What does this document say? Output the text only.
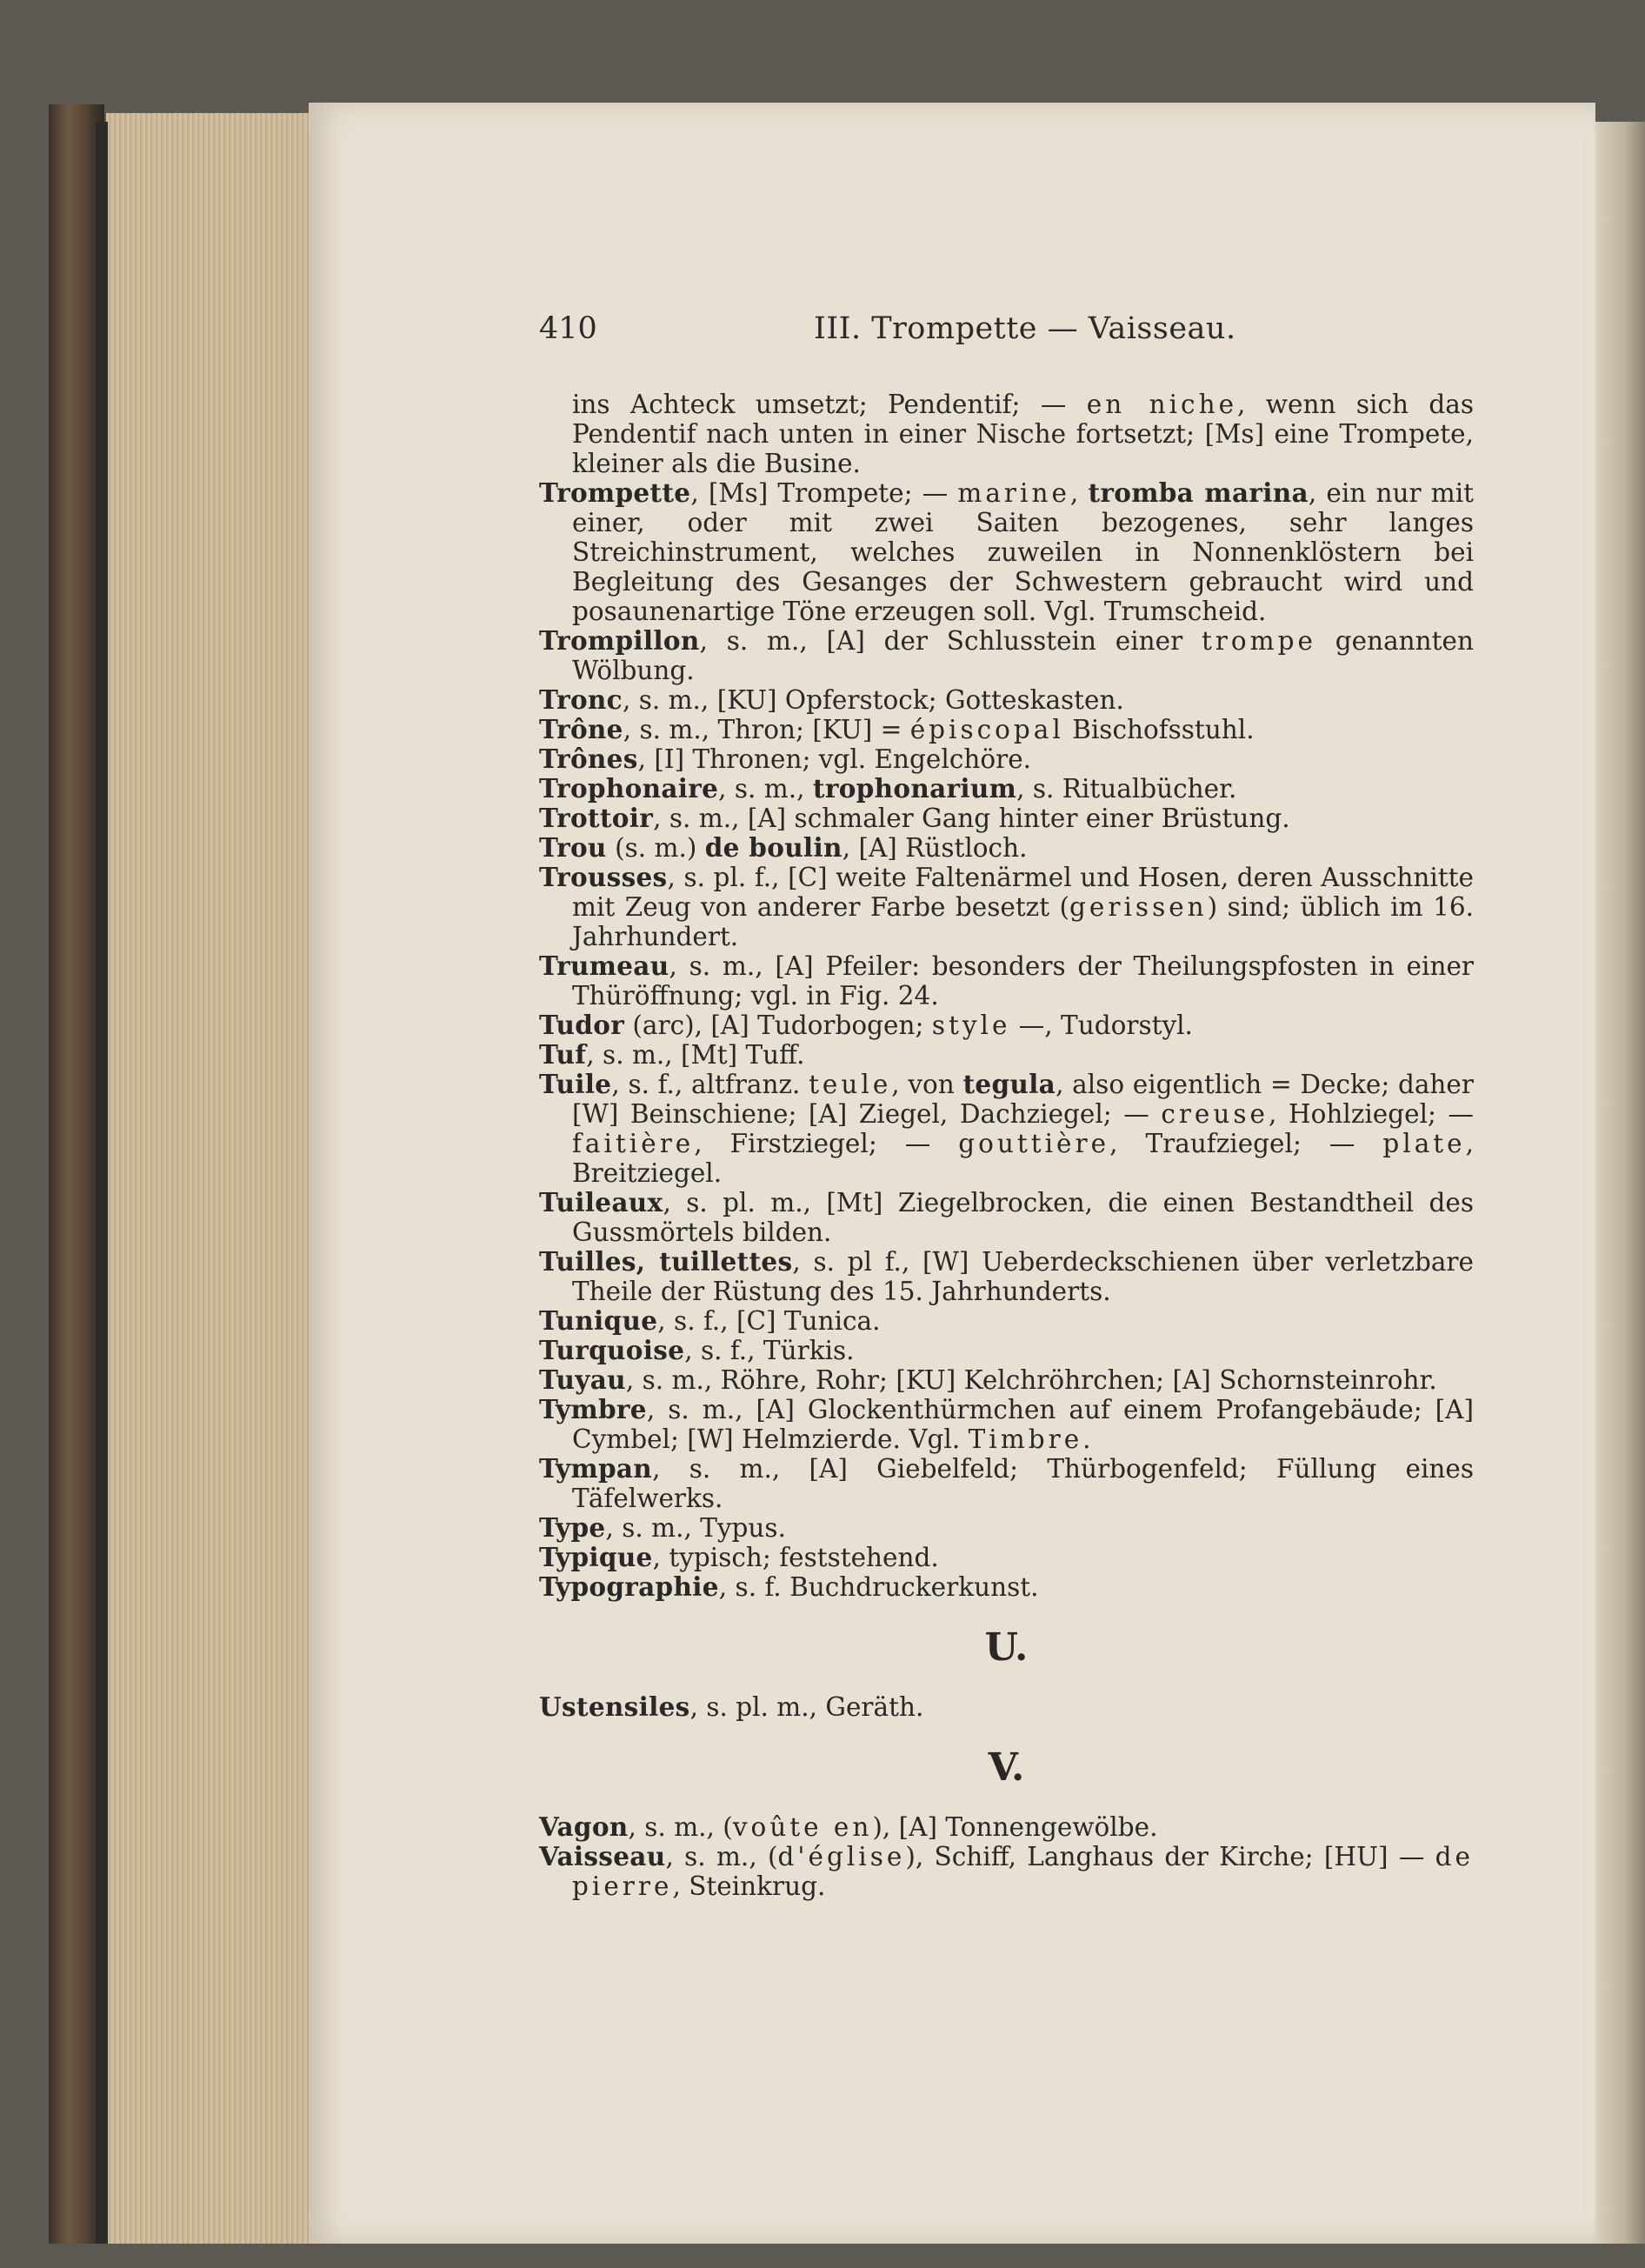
410	III. Trompette — Vaisseau.

ins Achteck umsetzt; Pendentif; — en niche, wenn sich das Pendentif nach unten in einer Nische fortsetzt; [Ms] eine Trompete, kleiner als die Busine.

Trompette, [Ms] Trompete; — marine, tromba marina, ein nur mit einer, oder mit zwei Saiten bezogenes, sehr langes Streichinstrument, welches zuweilen in Nonnenklöstern bei Begleitung des Gesanges der Schwestern gebraucht wird und posaunenartige Töne erzeugen soll. Vgl. Trumscheid.

Trompillon, s. m., [A] der Schlusstein einer trompe genannten Wölbung.

Tronc, s. m., [KU] Opferstock; Gotteskasten.

Trône, s. m., Thron; [KU] = épiscopal Bischofsstuhl.

Trônes, [I] Thronen; vgl. Engelchöre.

Trophonaire, s. m., trophonarium, s. Ritualbücher.

Trottoir, s. m., [A] schmaler Gang hinter einer Brüstung.

Trou (s. m.) de boulin, [A] Rüstloch.

Trousses, s. pl. f., [C] weite Faltenärmel und Hosen, deren Ausschnitte mit Zeug von anderer Farbe besetzt (gerissen) sind; üblich im 16. Jahrhundert.

Trumeau, s. m., [A] Pfeiler: besonders der Theilungspfosten in einer Thüröffnung; vgl. in Fig. 24.

Tudor (arc), [A] Tudorbogen; style —, Tudorstyl.

Tuf, s. m., [Mt] Tuff.

Tuile, s. f., altfranz. teule, von tegula, also eigentlich = Decke; daher [W] Beinschiene; [A] Ziegel, Dachziegel; — creuse, Hohlziegel; — faitière, Firstziegel; — gouttière, Traufziegel; — plate, Breitziegel.

Tuileaux, s. pl. m., [Mt] Ziegelbrocken, die einen Bestandtheil des Gussmörtels bilden.

Tuilles, tuillettes, s. pl f., [W] Ueberdeckschienen über verletzbare Theile der Rüstung des 15. Jahrhunderts.

Tunique, s. f., [C] Tunica.

Turquoise, s. f., Türkis.

Tuyau, s. m., Röhre, Rohr; [KU] Kelchröhrchen; [A] Schornsteinrohr.

Tymbre, s. m., [A] Glockenthürmchen auf einem Profangebäude; [A] Cymbel; [W] Helmzierde. Vgl. Timbre.

Tympan, s. m., [A] Giebelfeld; Thürbogenfeld; Füllung eines Täfelwerks.

Type, s. m., Typus.

Typique, typisch; feststehend.

Typographie, s. f. Buchdruckerkunst.

U.

Ustensiles, s. pl. m., Geräth.

V.

Vagon, s. m., (voûte en), [A] Tonnengewölbe.

Vaisseau, s. m., (d'église), Schiff, Langhaus der Kirche; [HU] — de pierre, Steinkrug.
